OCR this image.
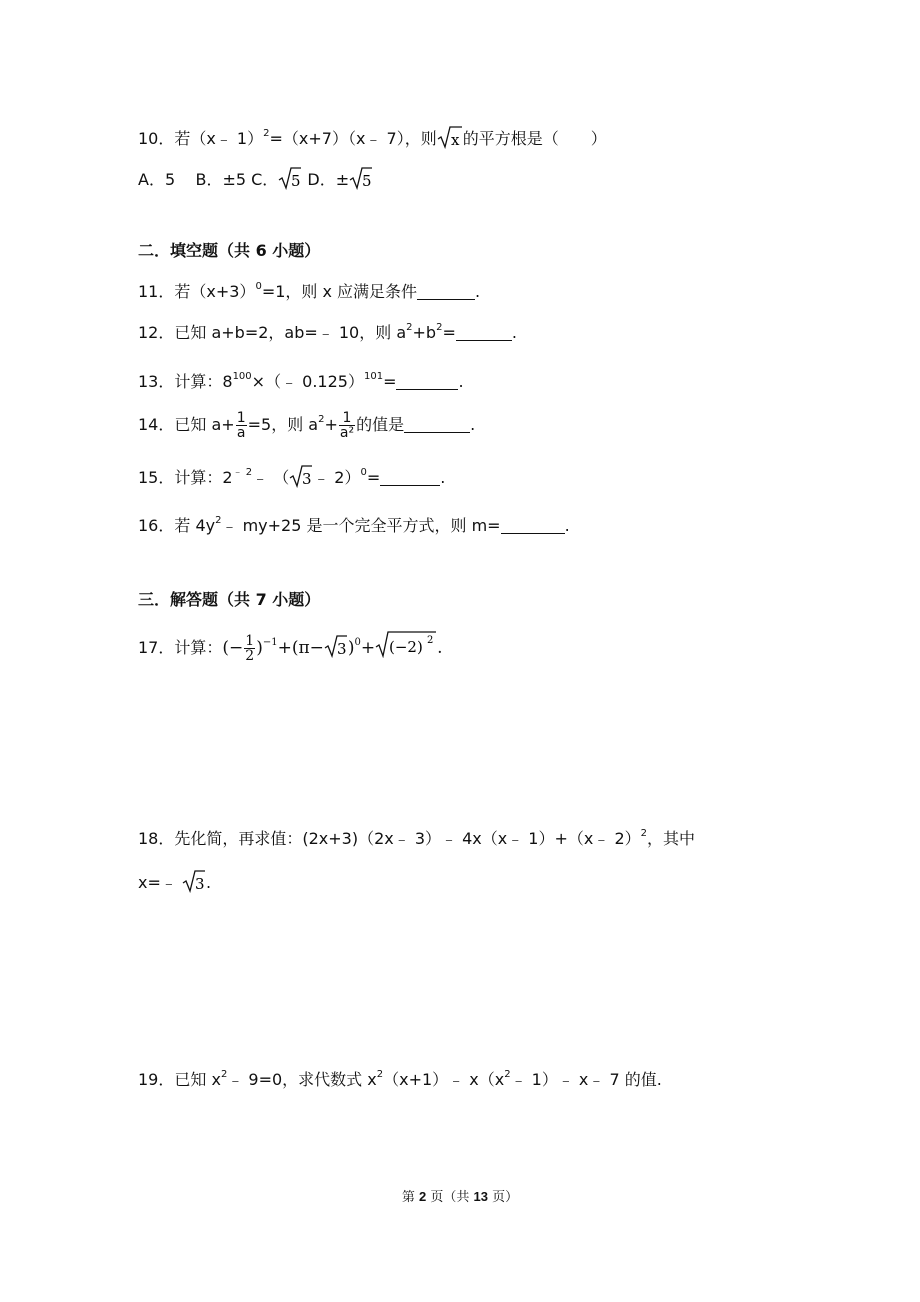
10．若（x﹣ 1）$^2$=（x+7）（x﹣ 7），则 x 的平方根是（　　）
A．5 B．±5 C． 5 D．± 5
二．填空题（共 6 小题）
11．若$(x+3)^0=1$，则 x 应满足条件	.
12．已知 a+b=2，ab=﹣ 10，则 $a^2+b^2=$	.
13．计算：$8^{100}\times(﹣$ 0.125）$^{101}$=	.
14．已知 $a+ \frac{1}{a} =5$，则 $a^2+ \frac{1}{\text{a²}}$ 的值是	.
15．计算：$2^{﹣ 2}﹣$ （ 3 ﹣ 2）$^0$=	.
16．若 $4y^2﹣$ my+25 是一个完全平方式，则 m=	.
三．解答题（共 7 小题）
17．计算：(− $\frac{1}{2} )^{-1}+(\pi- 3$ )$^0$+ (−2) 2 .
18．先化简，再求值：(2x+3)（2x﹣ 3）﹣ 4x（x﹣ 1）+（x﹣ 2）$^2$，其中
x=﹣ 3 .
19．已知 $x^2﹣$ 9=0，求代数式 $x^2(x+1)﹣$ $x(x^2﹣$ 1）﹣ x﹣ 7 的值.
第 2 页（共 13 页）
